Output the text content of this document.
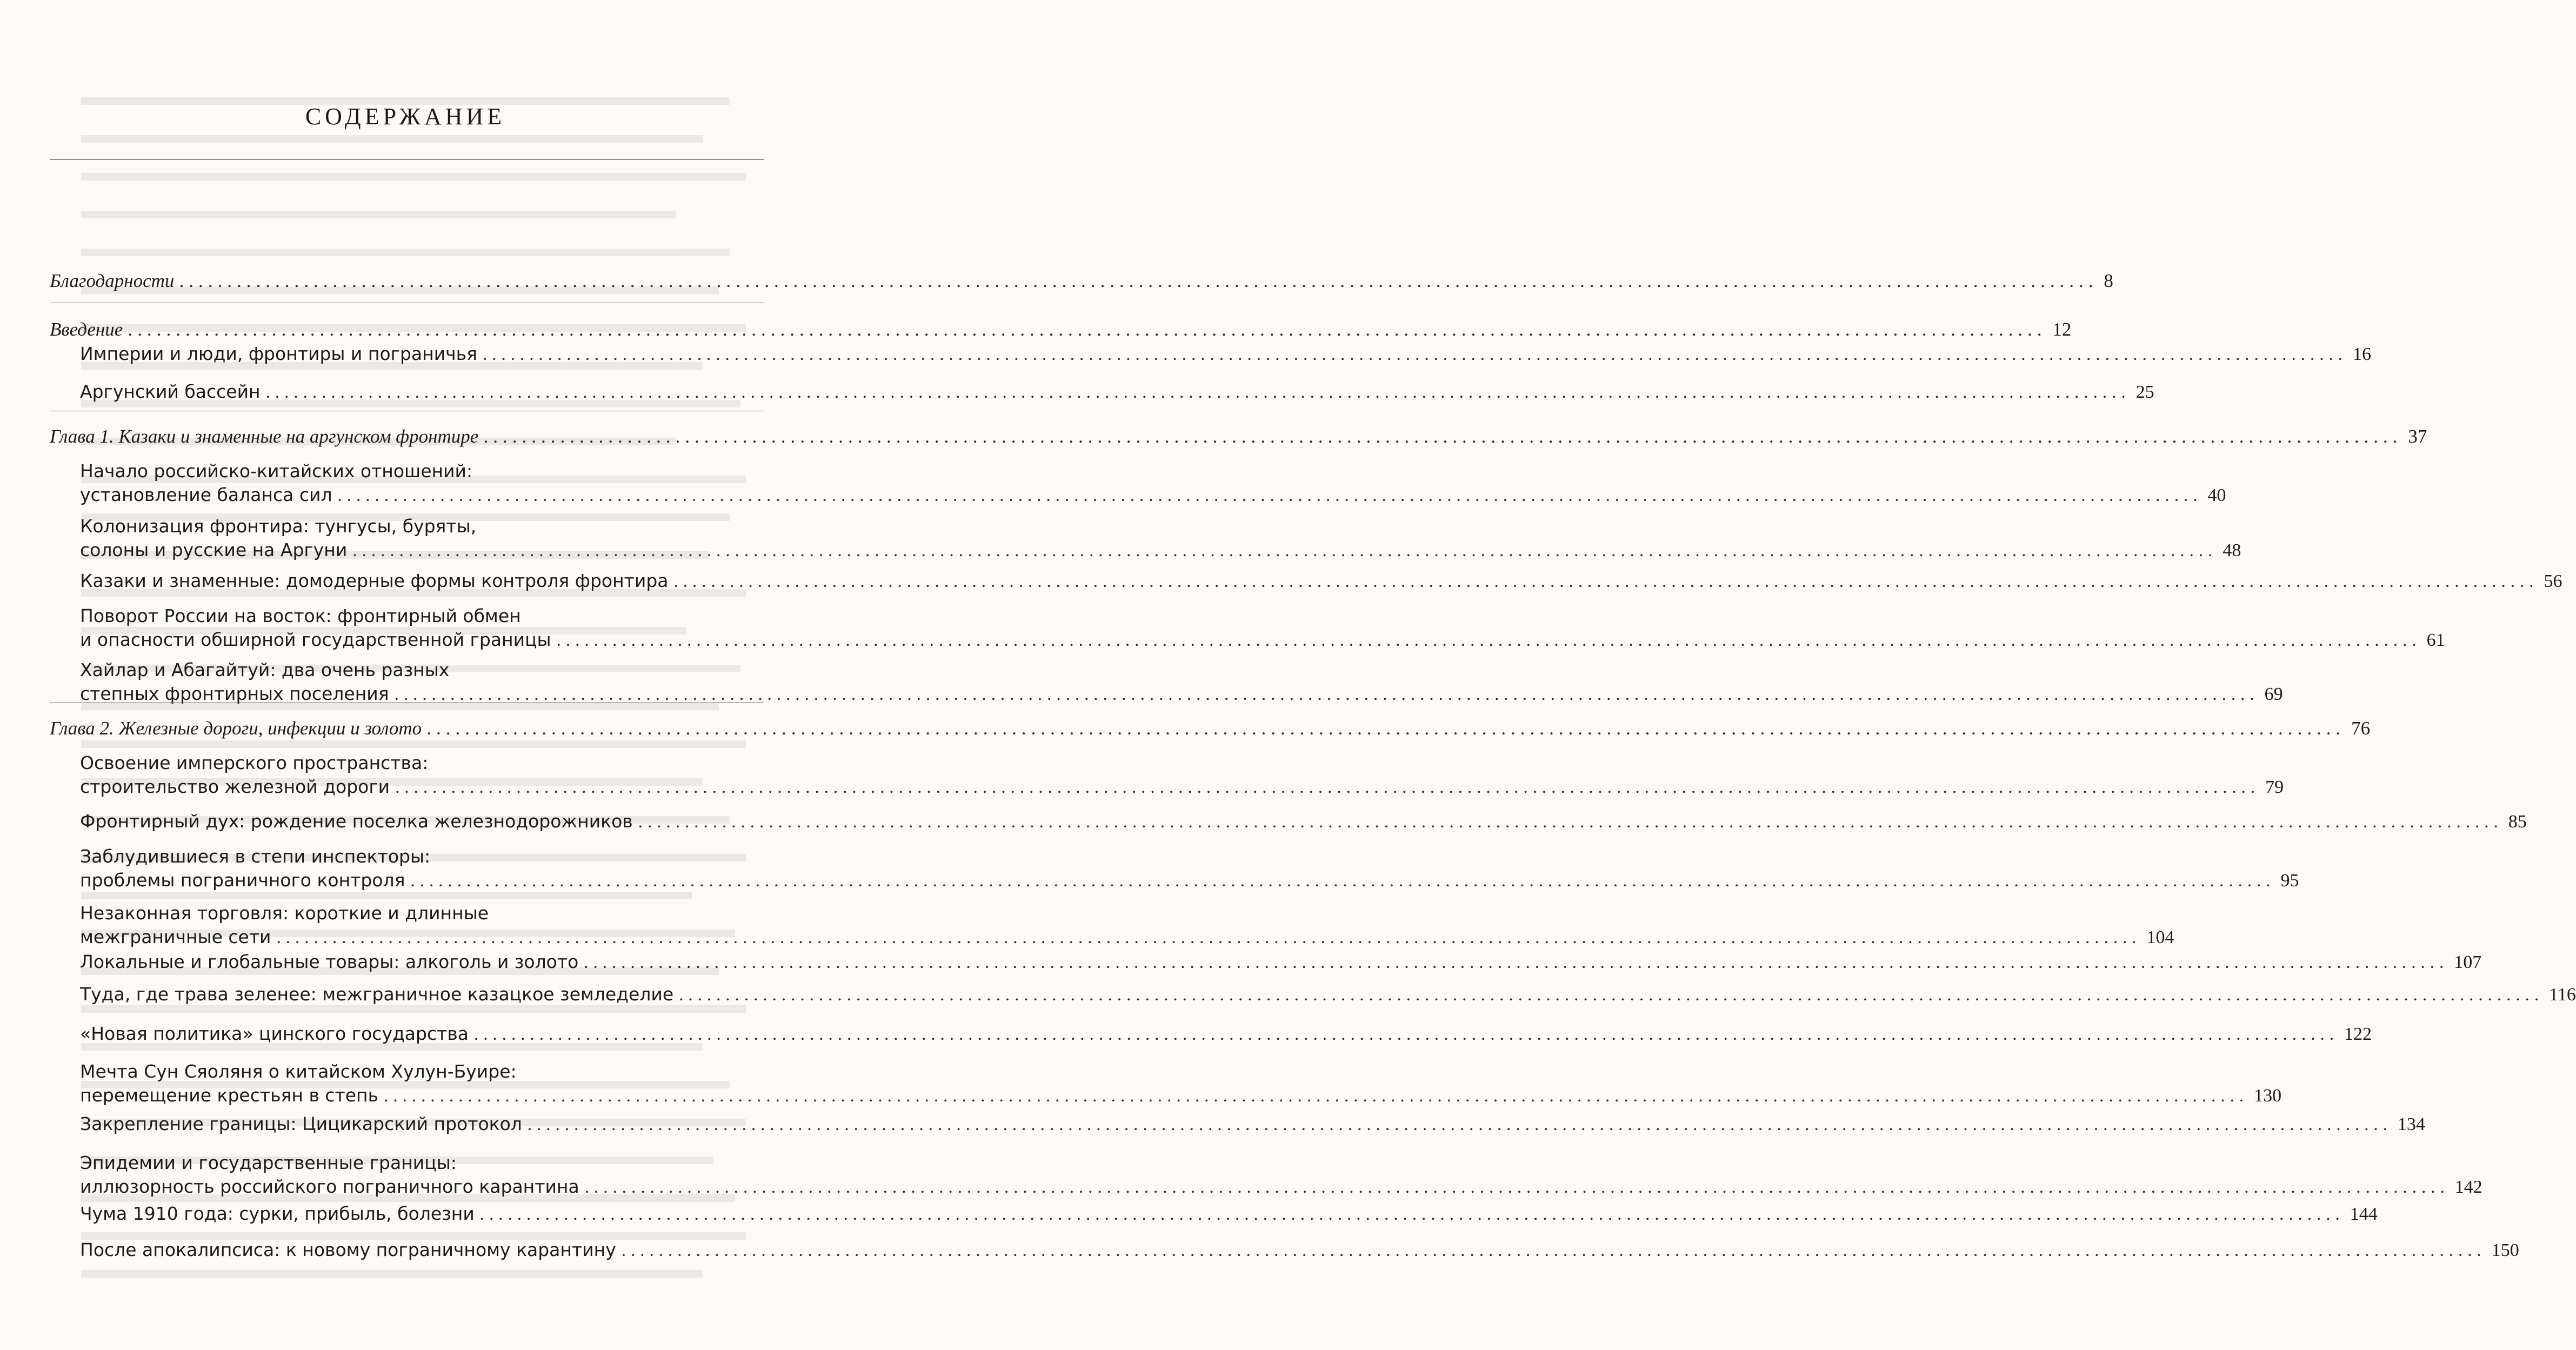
СОДЕРЖАНИЕ
Благодарности ........................................................................................................................................................................................................ 8
Введение ........................................................................................................................................................................................................ 12
Империи и люди, фронтиры и пограничья ........................................................................................................................................................................................................ 16
Аргунский бассейн ........................................................................................................................................................................................................ 25
Глава 1. Казаки и знаменные на аргунском фронтире ........................................................................................................................................................................................................ 37
Начало российско-китайских отношений:
установление баланса сил ........................................................................................................................................................................................................ 40
Колонизация фронтира: тунгусы, буряты,
солоны и русские на Аргуни ........................................................................................................................................................................................................ 48
Казаки и знаменные: домодерные формы контроля фронтира ........................................................................................................................................................................................................ 56
Поворот России на восток: фронтирный обмен
и опасности обширной государственной границы ........................................................................................................................................................................................................ 61
Хайлар и Абагайтуй: два очень разных
степных фронтирных поселения ........................................................................................................................................................................................................ 69
Глава 2. Железные дороги, инфекции и золото ........................................................................................................................................................................................................ 76
Освоение имперского пространства:
строительство железной дороги ........................................................................................................................................................................................................ 79
Фронтирный дух: рождение поселка железнодорожников ........................................................................................................................................................................................................ 85
Заблудившиеся в степи инспекторы:
проблемы пограничного контроля ........................................................................................................................................................................................................ 95
Незаконная торговля: короткие и длинные
межграничные сети ........................................................................................................................................................................................................ 104
Локальные и глобальные товары: алкоголь и золото ........................................................................................................................................................................................................ 107
Туда, где трава зеленее: межграничное казацкое земледелие ........................................................................................................................................................................................................ 116
«Новая политика» цинского государства ........................................................................................................................................................................................................ 122
Мечта Сун Сяоляня о китайском Хулун-Буире:
перемещение крестьян в степь ........................................................................................................................................................................................................ 130
Закрепление границы: Цицикарский протокол ........................................................................................................................................................................................................ 134
Эпидемии и государственные границы:
иллюзорность российского пограничного карантина ........................................................................................................................................................................................................ 142
Чума 1910 года: сурки, прибыль, болезни ........................................................................................................................................................................................................ 144
После апокалипсиса: к новому пограничному карантину ........................................................................................................................................................................................................ 150
